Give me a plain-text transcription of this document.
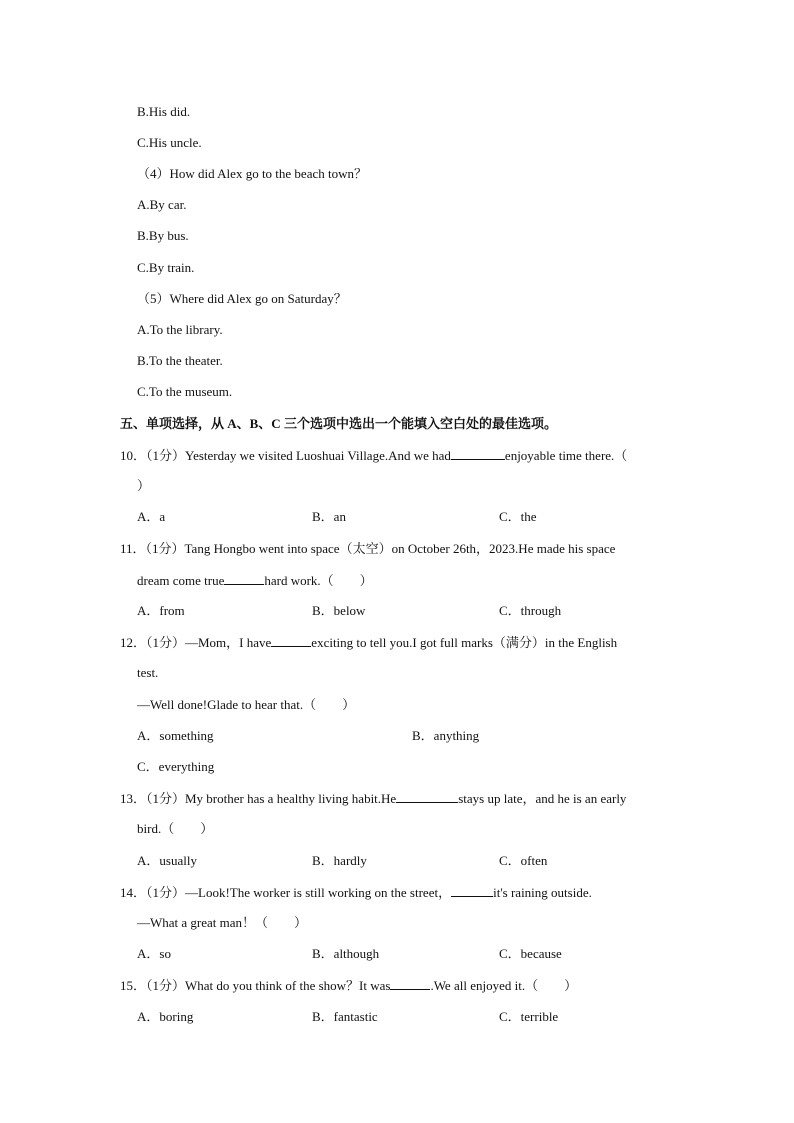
B.His did.
C.His uncle.
（4）How did Alex go to the beach town？
A.By car.
B.By bus.
C.By train.
（5）Where did Alex go on Saturday？
A.To the library.
B.To the theater.
C.To the museum.
五、单项选择，从 A、B、C 三个选项中选出一个能填入空白处的最佳选项。
10．（1分）Yesterday we visited Luoshuai Village.And we had	enjoyable time there.（
）
A．a	B．an	C．the
11．（1分）Tang Hongbo went into space（太空）on October 26th，2023.He made his space
dream come true	hard work.（　　）
A．from	B．below	C．through
12．（1分）—Mom，I have	exciting to tell you.I got full marks（满分）in the English
test.
—Well done!Glade to hear that.（　　）
A．something	B．anything
C．everything
13．（1分）My brother has a healthy living habit.He	stays up late，and he is an early
bird.（　　）
A．usually	B．hardly	C．often
14．（1分）—Look!The worker is still working on the street，	it's raining outside.
—What a great man！（　　）
A．so	B．although	C．because
15．（1分）What do you think of the show？It was	.We all enjoyed it.（　　）
A．boring	B．fantastic	C．terrible
